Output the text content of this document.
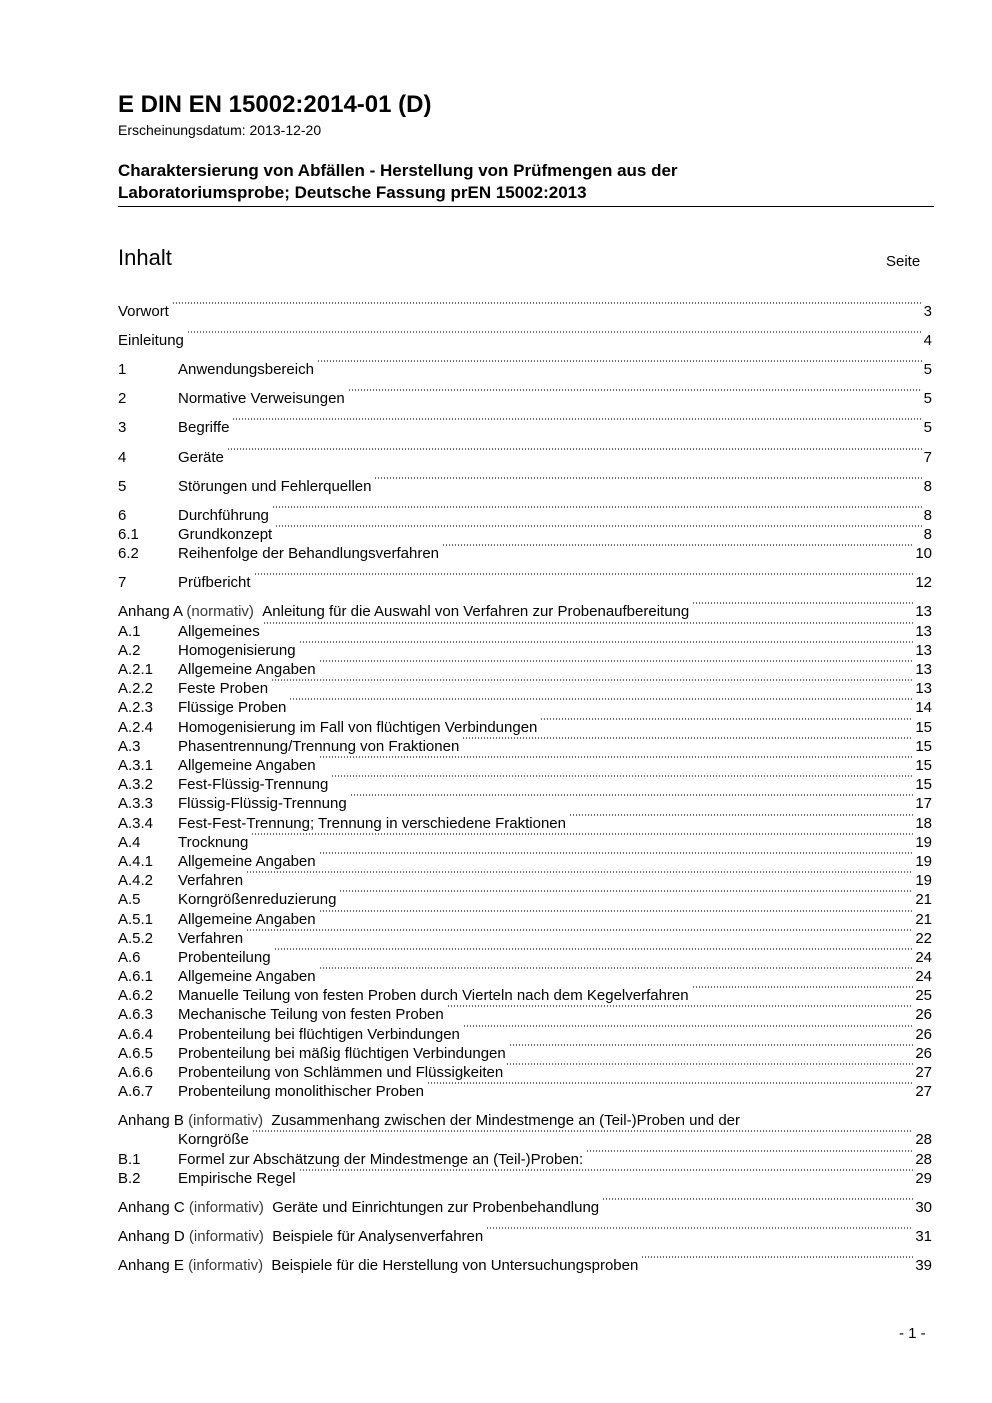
E DIN EN 15002:2014-01 (D)
Erscheinungsdatum: 2013-12-20
Charaktersierung von Abfällen - Herstellung von Prüfmengen aus der Laboratoriumsprobe; Deutsche Fassung prEN 15002:2013
Inhalt	Seite
Vorwort	3
Einleitung	4
1	Anwendungsbereich	5
2	Normative Verweisungen	5
3	Begriffe	5
4	Geräte	7
5	Störungen und Fehlerquellen	8
6	Durchführung	8
6.1	Grundkonzept	8
6.2	Reihenfolge der Behandlungsverfahren	10
7	Prüfbericht	12
Anhang A (normativ) Anleitung für die Auswahl von Verfahren zur Probenaufbereitung	13
A.1 Allgemeines	13
A.2 Homogenisierung	13
A.2.1 Allgemeine Angaben	13
A.2.2 Feste Proben	13
A.2.3 Flüssige Proben	14
A.2.4 Homogenisierung im Fall von flüchtigen Verbindungen	15
A.3 Phasentrennung/Trennung von Fraktionen	15
A.3.1 Allgemeine Angaben	15
A.3.2 Fest-Flüssig-Trennung	15
A.3.3 Flüssig-Flüssig-Trennung	17
A.3.4 Fest-Fest-Trennung; Trennung in verschiedene Fraktionen	18
A.4 Trocknung	19
A.4.1 Allgemeine Angaben	19
A.4.2 Verfahren	19
A.5 Korngrößenreduzierung	21
A.5.1 Allgemeine Angaben	21
A.5.2 Verfahren	22
A.6 Probenteilung	24
A.6.1 Allgemeine Angaben	24
A.6.2 Manuelle Teilung von festen Proben durch Vierteln nach dem Kegelverfahren	25
A.6.3 Mechanische Teilung von festen Proben	26
A.6.4 Probenteilung bei flüchtigen Verbindungen	26
A.6.5 Probenteilung bei mäßig flüchtigen Verbindungen	26
A.6.6 Probenteilung von Schlämmen und Flüssigkeiten	27
A.6.7 Probenteilung monolithischer Proben	27
Anhang B (informativ) Zusammenhang zwischen der Mindestmenge an (Teil-)Proben und der
Korngröße	28
B.1 Formel zur Abschätzung der Mindestmenge an (Teil-)Proben:	28
B.2 Empirische Regel	29
Anhang C (informativ) Geräte und Einrichtungen zur Probenbehandlung	30
Anhang D (informativ) Beispiele für Analysenverfahren	31
Anhang E (informativ) Beispiele für die Herstellung von Untersuchungsproben	39
- 1 -
